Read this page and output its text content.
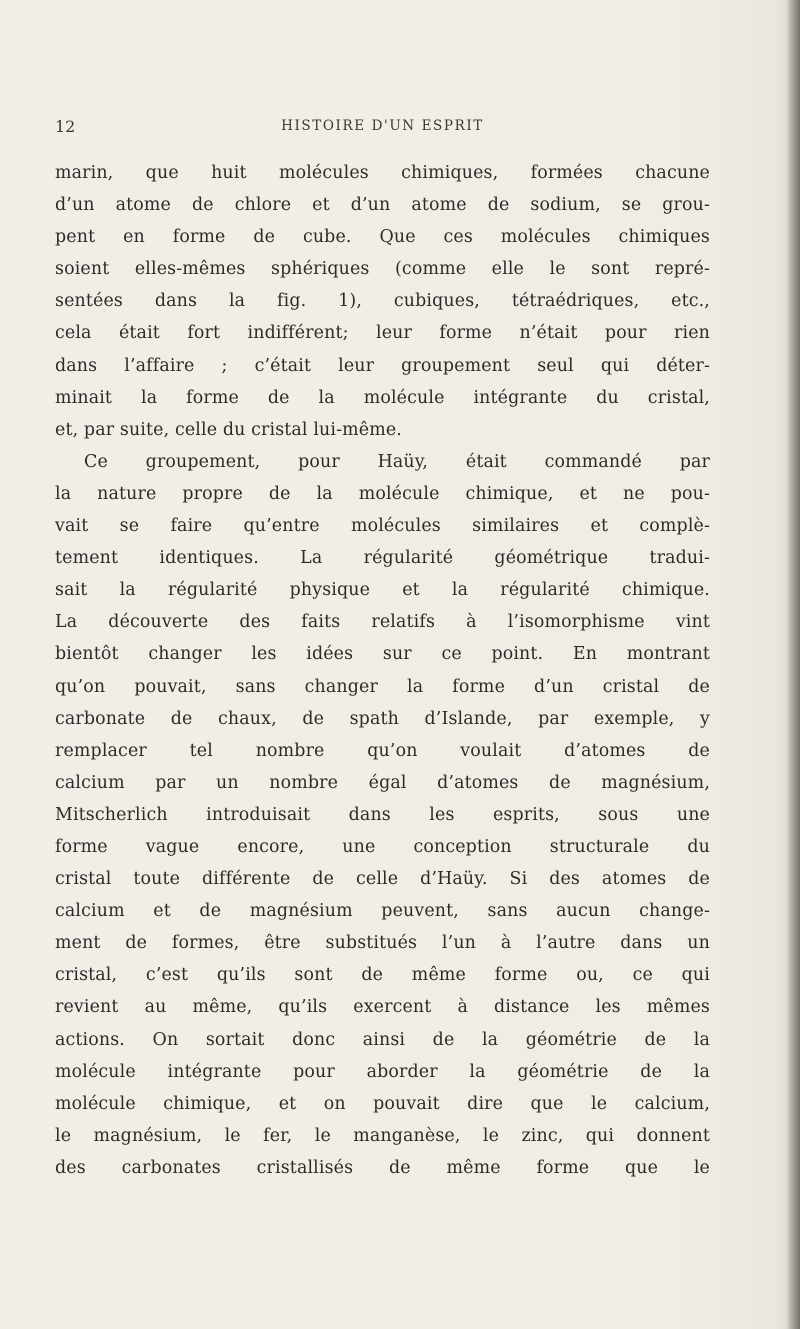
12	HISTOIRE D'UN ESPRIT
marin, que huit molécules chimiques, formées chacune
d’un atome de chlore et d’un atome de sodium, se grou-
pent en forme de cube. Que ces molécules chimiques
soient elles-mêmes sphériques (comme elle le sont repré-
sentées dans la fig. 1), cubiques, tétraédriques, etc.,
cela était fort indifférent; leur forme n’était pour rien
dans l’affaire ; c’était leur groupement seul qui déter-
minait la forme de la molécule intégrante du cristal,
et, par suite, celle du cristal lui-même.
Ce groupement, pour Haüy, était commandé par
la nature propre de la molécule chimique, et ne pou-
vait se faire qu’entre molécules similaires et complè-
tement identiques. La régularité géométrique tradui-
sait la régularité physique et la régularité chimique.
La découverte des faits relatifs à l’isomorphisme vint
bientôt changer les idées sur ce point. En montrant
qu’on pouvait, sans changer la forme d’un cristal de
carbonate de chaux, de spath d’Islande, par exemple, y
remplacer tel nombre qu’on voulait d’atomes de
calcium par un nombre égal d’atomes de magnésium,
Mitscherlich introduisait dans les esprits, sous une
forme vague encore, une conception structurale du
cristal toute différente de celle d’Haüy. Si des atomes de
calcium et de magnésium peuvent, sans aucun change-
ment de formes, être substitués l’un à l’autre dans un
cristal, c’est qu’ils sont de même forme ou, ce qui
revient au même, qu’ils exercent à distance les mêmes
actions. On sortait donc ainsi de la géométrie de la
molécule intégrante pour aborder la géométrie de la
molécule chimique, et on pouvait dire que le calcium,
le magnésium, le fer, le manganèse, le zinc, qui donnent
des carbonates cristallisés de même forme que le
